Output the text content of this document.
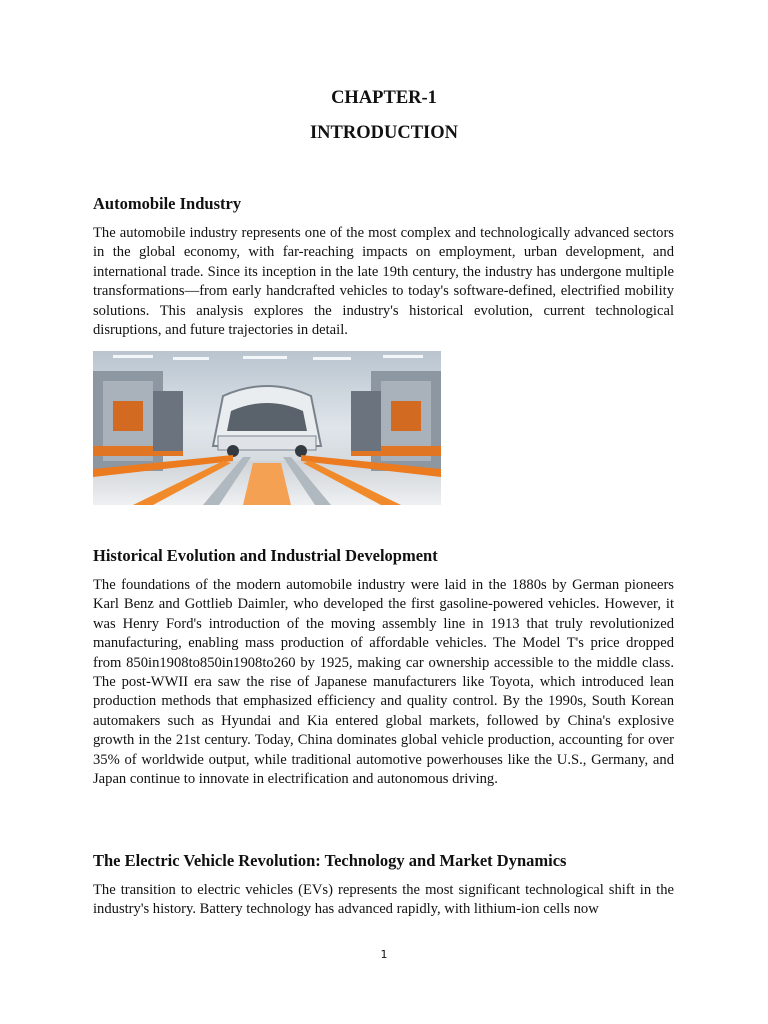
CHAPTER-1
INTRODUCTION
Automobile Industry

The automobile industry represents one of the most complex and technologically advanced sectors in the global economy, with far-reaching impacts on employment, urban development, and international trade. Since its inception in the late 19th century, the industry has undergone multiple transformations—from early handcrafted vehicles to today's software-defined, electrified mobility solutions. This analysis explores the industry's historical evolution, current technological disruptions, and future trajectories in detail.

Historical Evolution and Industrial Development

The foundations of the modern automobile industry were laid in the 1880s by German pioneers Karl Benz and Gottlieb Daimler, who developed the first gasoline-powered vehicles. However, it was Henry Ford's introduction of the moving assembly line in 1913 that truly revolutionized manufacturing, enabling mass production of affordable vehicles. The Model T's price dropped from 850in1908to850in1908to260 by 1925, making car ownership accessible to the middle class. The post-WWII era saw the rise of Japanese manufacturers like Toyota, which introduced lean production methods that emphasized efficiency and quality control. By the 1990s, South Korean automakers such as Hyundai and Kia entered global markets, followed by China's explosive growth in the 21st century. Today, China dominates global vehicle production, accounting for over 35% of worldwide output, while traditional automotive powerhouses like the U.S., Germany, and Japan continue to innovate in electrification and autonomous driving.

The Electric Vehicle Revolution: Technology and Market Dynamics

The transition to electric vehicles (EVs) represents the most significant technological shift in the industry's history. Battery technology has advanced rapidly, with lithium-ion cells now

1
